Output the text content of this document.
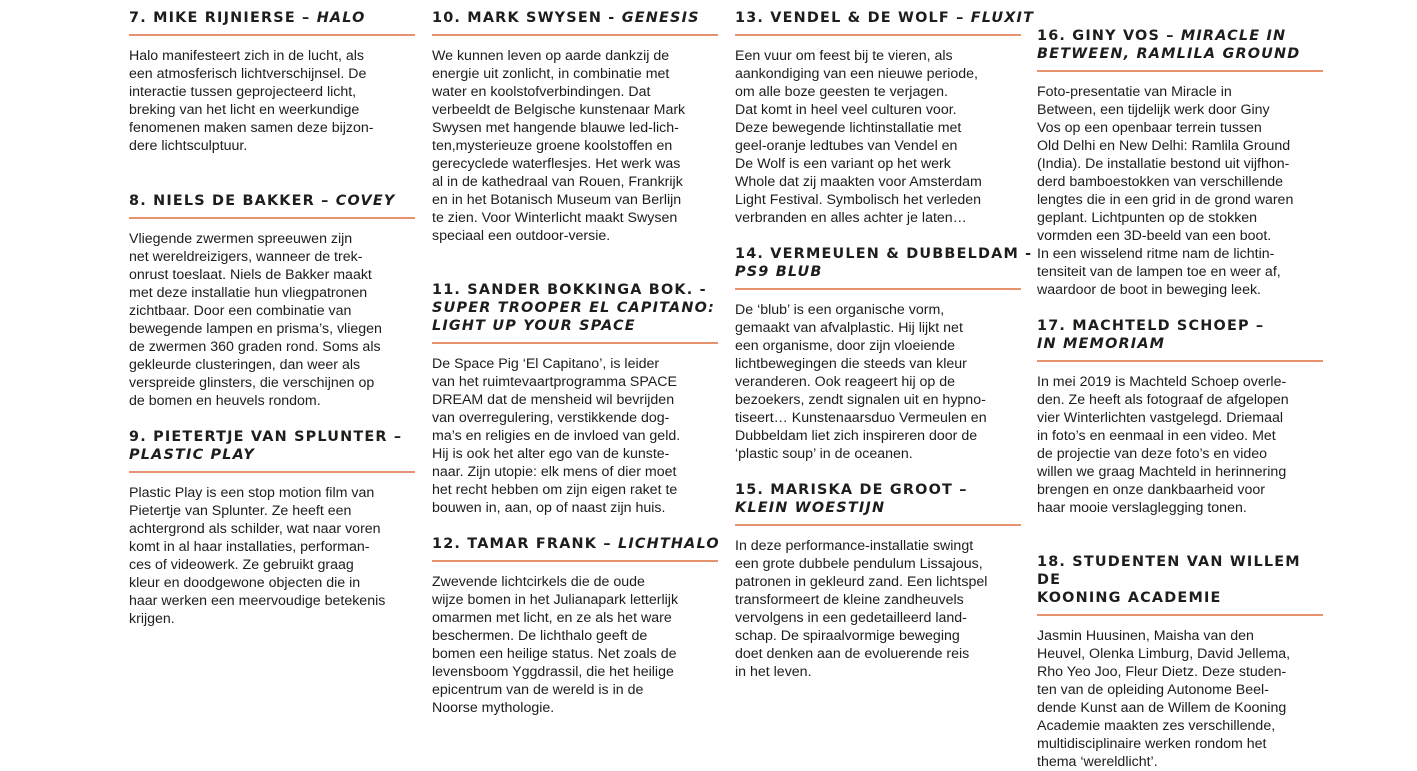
7. MIKE RIJNIERSE – HALO

Halo manifesteert zich in de lucht, als
een atmosferisch lichtverschijnsel. De
interactie tussen geprojecteerd licht,
breking van het licht en weerkundige
fenomenen maken samen deze bijzon-
dere lichtsculptuur.

8. NIELS DE BAKKER – COVEY

Vliegende zwermen spreeuwen zijn
net wereldreizigers, wanneer de trek-
onrust toeslaat. Niels de Bakker maakt
met deze installatie hun vliegpatronen
zichtbaar. Door een combinatie van
bewegende lampen en prisma’s, vliegen
de zwermen 360 graden rond. Soms als
gekleurde clusteringen, dan weer als
verspreide glinsters, die verschijnen op
de bomen en heuvels rondom.

9. PIETERTJE VAN SPLUNTER –
PLASTIC PLAY

Plastic Play is een stop motion film van
Pietertje van Splunter. Ze heeft een
achtergrond als schilder, wat naar voren
komt in al haar installaties, performan-
ces of videowerk. Ze gebruikt graag
kleur en doodgewone objecten die in
haar werken een meervoudige betekenis
krijgen.

10. MARK SWYSEN - GENESIS

We kunnen leven op aarde dankzij de
energie uit zonlicht, in combinatie met
water en koolstofverbindingen. Dat
verbeeldt de Belgische kunstenaar Mark
Swysen met hangende blauwe led-lich-
ten,mysterieuze groene koolstoffen en
gerecyclede waterflesjes. Het werk was
al in de kathedraal van Rouen, Frankrijk
en in het Botanisch Museum van Berlijn
te zien. Voor Winterlicht maakt Swysen
speciaal een outdoor-versie.

11. SANDER BOKKINGA BOK. -
SUPER TROOPER EL CAPITANO:
LIGHT UP YOUR SPACE

De Space Pig ‘El Capitano’, is leider
van het ruimtevaartprogramma SPACE
DREAM dat de mensheid wil bevrijden
van overregulering, verstikkende dog-
ma’s en religies en de invloed van geld.
Hij is ook het alter ego van de kunste-
naar. Zijn utopie: elk mens of dier moet
het recht hebben om zijn eigen raket te
bouwen in, aan, op of naast zijn huis.

12. TAMAR FRANK – LICHTHALO

Zwevende lichtcirkels die de oude
wijze bomen in het Julianapark letterlijk
omarmen met licht, en ze als het ware
beschermen. De lichthalo geeft de
bomen een heilige status. Net zoals de
levensboom Yggdrassil, die het heilige
epicentrum van de wereld is in de
Noorse mythologie.

13. VENDEL & DE WOLF – FLUXIT

Een vuur om feest bij te vieren, als
aankondiging van een nieuwe periode,
om alle boze geesten te verjagen.
Dat komt in heel veel culturen voor.
Deze bewegende lichtinstallatie met
geel-oranje ledtubes van Vendel en
De Wolf is een variant op het werk
Whole dat zij maakten voor Amsterdam
Light Festival. Symbolisch het verleden
verbranden en alles achter je laten…

14. VERMEULEN & DUBBELDAM -
PS9 BLUB

De ‘blub’ is een organische vorm,
gemaakt van afvalplastic. Hij lijkt net
een organisme, door zijn vloeiende
lichtbewegingen die steeds van kleur
veranderen. Ook reageert hij op de
bezoekers, zendt signalen uit en hypno-
tiseert… Kunstenaarsduo Vermeulen en
Dubbeldam liet zich inspireren door de
‘plastic soup’ in de oceanen.

15. MARISKA DE GROOT –
KLEIN WOESTIJN

In deze performance-installatie swingt
een grote dubbele pendulum Lissajous,
patronen in gekleurd zand. Een lichtspel
transformeert de kleine zandheuvels
vervolgens in een gedetailleerd land-
schap. De spiraalvormige beweging
doet denken aan de evoluerende reis
in het leven.

16. GINY VOS – MIRACLE IN
BETWEEN, RAMLILA GROUND

Foto-presentatie van Miracle in
Between, een tijdelijk werk door Giny
Vos op een openbaar terrein tussen
Old Delhi en New Delhi: Ramlila Ground
(India). De installatie bestond uit vijfhon-
derd bamboestokken van verschillende
lengtes die in een grid in de grond waren
geplant. Lichtpunten op de stokken
vormden een 3D-beeld van een boot.
In een wisselend ritme nam de lichtin-
tensiteit van de lampen toe en weer af,
waardoor de boot in beweging leek.

17. MACHTELD SCHOEP –
IN MEMORIAM

In mei 2019 is Machteld Schoep overle-
den. Ze heeft als fotograaf de afgelopen
vier Winterlichten vastgelegd. Driemaal
in foto’s en eenmaal in een video. Met
de projectie van deze foto’s en video
willen we graag Machteld in herinnering
brengen en onze dankbaarheid voor
haar mooie verslaglegging tonen.

18. STUDENTEN VAN WILLEM DE
KOONING ACADEMIE

Jasmin Huusinen, Maisha van den
Heuvel, Olenka Limburg, David Jellema,
Rho Yeo Joo, Fleur Dietz. Deze studen-
ten van de opleiding Autonome Beel-
dende Kunst aan de Willem de Kooning
Academie maakten zes verschillende,
multidisciplinaire werken rondom het
thema ‘wereldlicht’.
